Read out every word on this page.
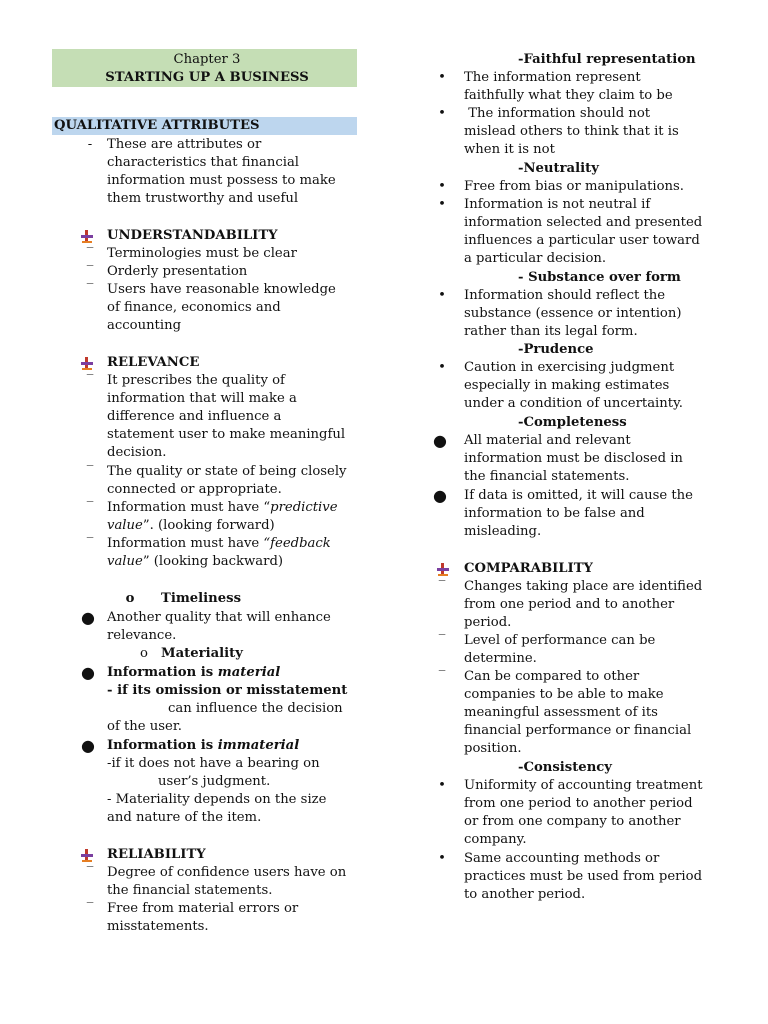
Chapter 3
STARTING UP A BUSINESS
QUALITATIVE ATTRIBUTES
-	These are attributes or
characteristics that financial
information must possess to make
them trustworthy and useful
UNDERSTANDABILITY
‾	Terminologies must be clear
‾	Orderly presentation
‾	Users have reasonable knowledge
of finance, economics and
accounting
RELEVANCE
‾	It prescribes the quality of
information that will make a
difference and influence a
statement user to make meaningful
decision.
‾	The quality or state of being closely
connected or appropriate.
‾	Information must have “predictive
value”. (looking forward)
‾	Information must have “feedback
value” (looking backward)
o	Timeliness
● Another quality that will enhance
relevance.
o Materiality
● Information is material
- if its omission or misstatement
can influence the decision
of the user.
● Information is immaterial
-if it does not have a bearing on
user’s judgment.
- Materiality depends on the size
and nature of the item.
RELIABILITY
‾	Degree of confidence users have on
the financial statements.
‾	Free from material errors or
misstatements.
-Faithful representation
•	The information represent
faithfully what they claim to be
•	The information should not
mislead others to think that it is
when it is not
-Neutrality
•	Free from bias or manipulations.
•	Information is not neutral if
information selected and presented
influences a particular user toward
a particular decision.
- Substance over form
•	Information should reflect the
substance (essence or intention)
rather than its legal form.
-Prudence
•	Caution in exercising judgment
especially in making estimates
under a condition of uncertainty.
-Completeness
● All material and relevant
information must be disclosed in
the financial statements.
● If data is omitted, it will cause the
information to be false and
misleading.
COMPARABILITY
‾	Changes taking place are identified
from one period and to another
period.
‾	Level of performance can be
determine.
‾	Can be compared to other
companies to be able to make
meaningful assessment of its
financial performance or financial
position.
-Consistency
•	Uniformity of accounting treatment
from one period to another period
or from one company to another
company.
•	Same accounting methods or
practices must be used from period
to another period.
